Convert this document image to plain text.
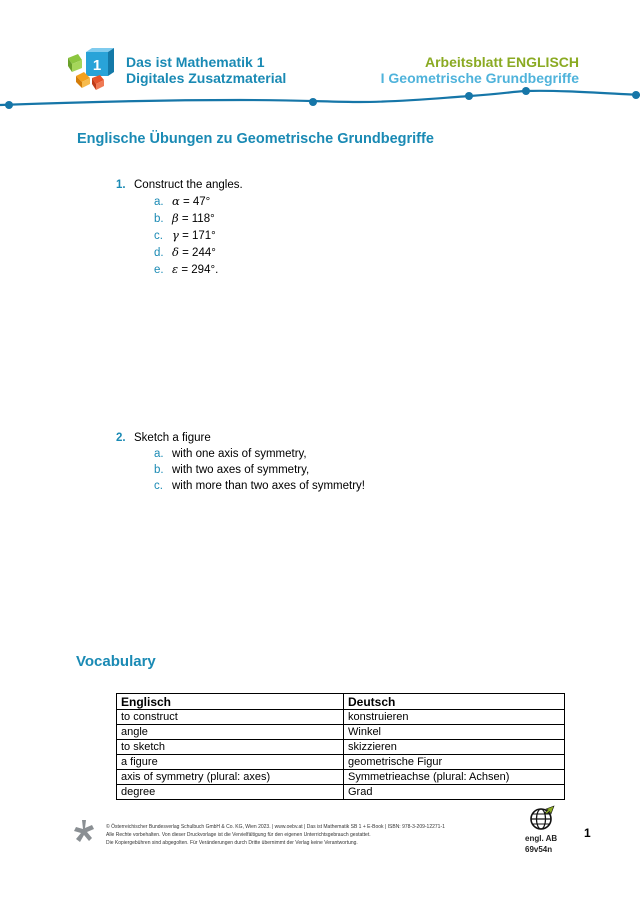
1 Das ist Mathematik 1
Digitales Zusatzmaterial
Arbeitsblatt ENGLISCH
I Geometrische Grundbegriffe
Englische Übungen zu Geometrische Grundbegriffe
1. Construct the angles.
a. α = 47°
b. β = 118°
c. γ = 171°
d. δ = 244°
e. ε = 294°.
2. Sketch a figure
a. with one axis of symmetry,
b. with two axes of symmetry,
c. with more than two axes of symmetry!
Vocabulary
Englisch	Deutsch
to construct	konstruieren
angle	Winkel
to sketch	skizzieren
a figure	geometrische Figur
axis of symmetry (plural: axes)	Symmetrieachse (plural: Achsen)
degree	Grad
© Österreichischer Bundesverlag Schulbuch GmbH & Co. KG, Wien 2023. | www.oebv.at | Das ist Mathematik SB 1 + E-Book | ISBN: 978-3-209-12271-1
Alle Rechte vorbehalten. Von dieser Druckvorlage ist die Vervielfältigung für den eigenen Unterrichtsgebrauch gestattet.
Die Kopiergebühren sind abgegolten. Für Veränderungen durch Dritte übernimmt der Verlag keine Verantwortung.	engl. AB
69v54n
1
